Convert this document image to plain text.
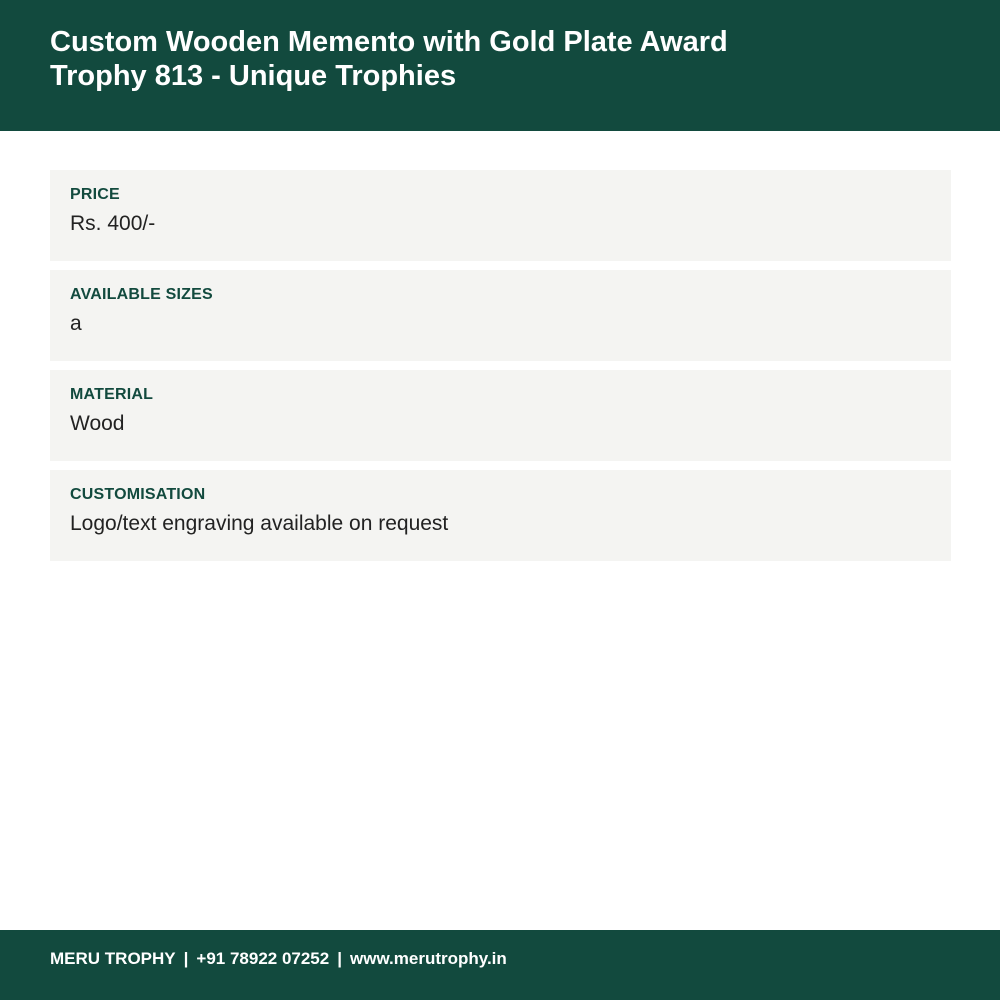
Custom Wooden Memento with Gold Plate Award Trophy 813 - Unique Trophies
PRICE
Rs. 400/-
AVAILABLE SIZES
a
MATERIAL
Wood
CUSTOMISATION
Logo/text engraving available on request
MERU TROPHY | +91 78922 07252 | www.merutrophy.in
